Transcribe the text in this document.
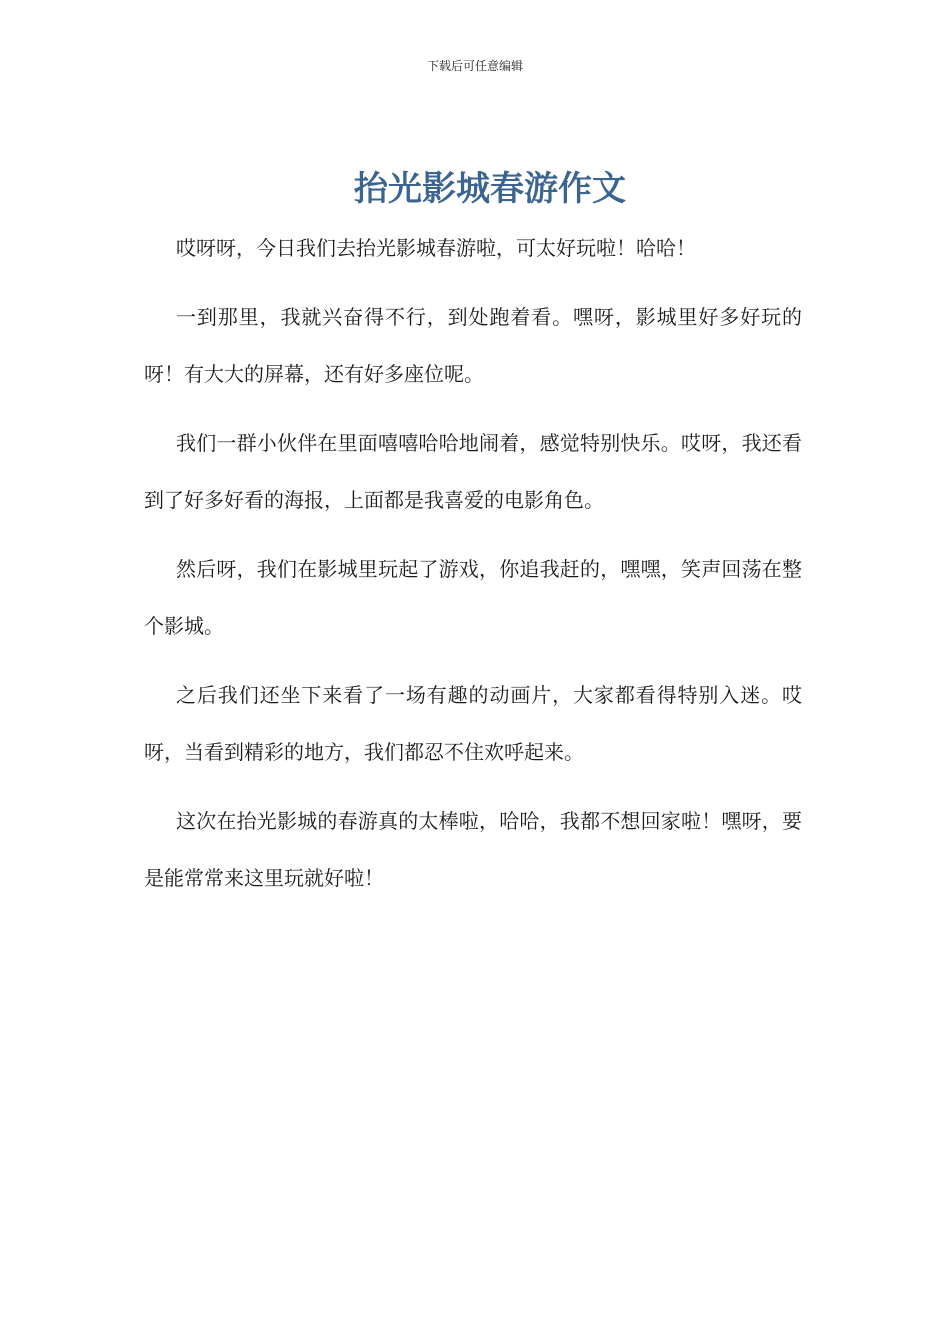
下载后可任意编辑
抬光影城春游作文

哎呀呀，今日我们去抬光影城春游啦，可太好玩啦！哈哈！

一到那里，我就兴奋得不行，到处跑着看。嘿呀，影城里好多好玩的呀！有大大的屏幕，还有好多座位呢。

我们一群小伙伴在里面嘻嘻哈哈地闹着，感觉特别快乐。哎呀，我还看到了好多好看的海报，上面都是我喜爱的电影角色。

然后呀，我们在影城里玩起了游戏，你追我赶的，嘿嘿，笑声回荡在整个影城。

之后我们还坐下来看了一场有趣的动画片，大家都看得特别入迷。哎呀，当看到精彩的地方，我们都忍不住欢呼起来。

这次在抬光影城的春游真的太棒啦，哈哈，我都不想回家啦！嘿呀，要是能常常来这里玩就好啦！
